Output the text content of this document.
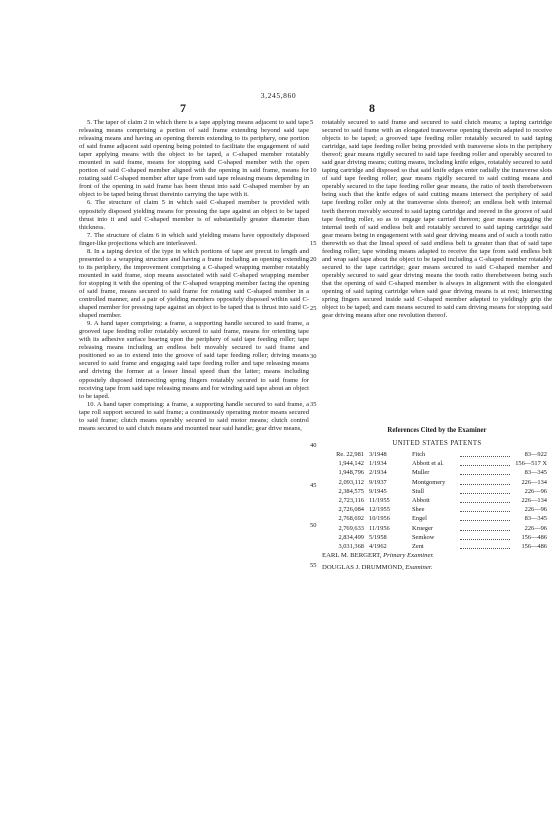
3,245,860
7	8

5. The taper of claim 2 in which there is a tape applying means adjacent to said tape releasing means comprising a portion of said frame extending beyond said tape releasing means and having an opening therein extending to its periphery, one portion of said frame adjacent said opening being pointed to facilitate the engagement of said taper applying means with the object to be taped, a C-shaped member rotatably mounted in said frame, means for stopping said C-shaped member with the open portion of said C-shaped member aligned with the opening in said frame, means for rotating said C-shaped member after tape from said tape releasing means depending in front of the opening in said frame has been thrust into said C-shaped member by an object to be taped being thrust thereinto carrying the tape with it.

6. The structure of claim 5 in which said C-shaped member is provided with oppositely disposed yielding means for pressing the tape against an object to be taped thrust into it and said C-shaped member is of substantially greater diameter than thickness.

7. The structure of claim 6 in which said yielding means have oppositely disposed finger-like projections which are interleaved.

8. In a taping device of the type in which portions of tape are precut to length and presented to a wrapping structure and having a frame including an opening extending to its periphery, the improvement comprising a C-shaped wrapping member rotatably mounted in said frame, stop means associated with said C-shaped wrapping member for stopping it with the opening of the C-shaped wrapping member facing the opening of said frame, means secured to said frame for rotating said C-shaped member in a controlled manner, and a pair of yielding members oppositely disposed within said C-shaped member for pressing tape against an object to be taped that is thrust into said C-shaped member.

9. A hand taper comprising: a frame, a supporting handle secured to said frame, a grooved tape feeding roller rotatably secured to said frame, means for orienting tape with its adhesive surface bearing upon the periphery of said tape feeding roller; tape releasing means including an endless belt movably secured to said frame and positioned so as to extend into the groove of said tape feeding roller; driving means secured to said frame and engaging said tape feeding roller and tape releasing means and driving the former at a lesser lineal speed than the latter; means including oppositely disposed intersecting spring fingers rotatably secured to said frame for receiving tape from said tape releasing means and for winding said tape about an object to be taped.

10. A hand taper comprising: a frame, a supporting handle secured to said frame, a tape roll support secured to said frame; a continuously operating motor means secured to said frame; clutch means operably secured to said motor means; clutch control means secured to said clutch means and mounted near said handle; gear drive means,

5
10
15
20
25
30
35
40
45
50
55

rotatably secured to said frame and secured to said clutch means; a taping cartridge secured to said frame with an elongated transverse opening therein adapted to receive objects to be taped; a grooved tape feeding roller rotatably secured to said taping cartridge, said tape feeding roller being provided with transverse slots in the periphery thereof; gear means rigidly secured to said tape feeding roller and operably secured to said gear driving means; cutting means, including knife edges, rotatably secured to said taping cartridge and disposed so that said knife edges enter radially the transverse slots of said tape feeding roller; gear means rigidly secured to said cutting means and operably secured to the tape feeding roller gear means, the ratio of teeth therebetween being such that the knife edges of said cutting means intersect the periphery of said tape feeding roller only at the transverse slots thereof; an endless belt with internal teeth thereon movably secured to said taping cartridge and reeved in the groove of said tape feeding roller, so as to engage tape carried thereon; gear means engaging the internal teeth of said endless belt and rotatably secured to said taping cartridge said gear means being in engagement with said gear driving means and of such a tooth ratio therewith so that the lineal speed of said endless belt is greater than that of said tape feeding roller; tape winding means adapted to receive the tape from said endless belt and wrap said tape about the object to be taped including a C-shaped member rotatably secured to the tape cartridge; gear means secured to said C-shaped member and operably secured to said gear driving means the tooth ratio therebetween being such that the opening of said C-shaped member is always in alignment with the elongated opening of said taping cartridge when said gear driving means is at rest; intersecting spring fingers secured inside said C-shaped member adapted to yieldingly grip the object to be taped; and cam means secured to said cam driving means for stopping said gear driving means after one revolution thereof.

References Cited by the Examiner
UNITED STATES PATENTS
Re. 22,981 3/1948	Fitch	83—922
1,944,142 1/1934	Abbott et al.	156—517 X
1,948,796 2/1934	Muller	83—345
2,093,112 9/1937	Montgomery	226—134
2,384,575 9/1945	Stull	226—96
2,723,116 11/1955	Abbott	226—134
2,726,084 12/1955	Shee	226—96
2,768,692 10/1956	Engel	83—345
2,769,633 11/1956	Krueger	226—96
2,834,499 5/1958	Semkow	156—486
3,031,368 4/1962	Zent	156—486
EARL M. BERGERT, Primary Examiner.
DOUGLAS J. DRUMMOND, Examiner.
